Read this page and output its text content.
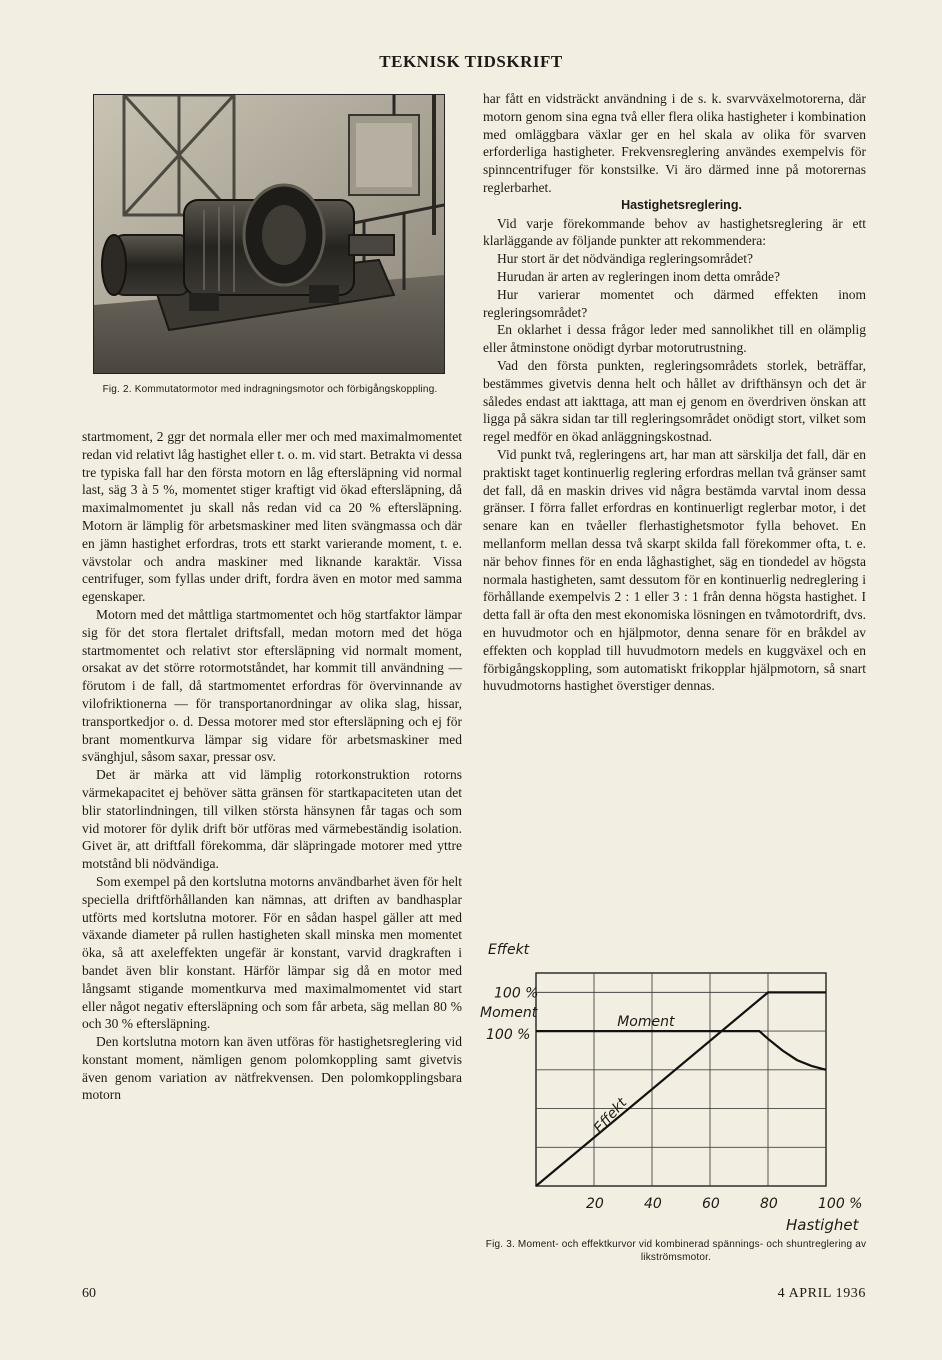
TEKNISK TIDSKRIFT
Fig. 2. Kommutatormotor med indragningsmotor och förbigångskoppling.

startmoment, 2 ggr det normala eller mer och med maximalmomentet redan vid relativt låg hastighet eller t. o. m. vid start. Betrakta vi dessa tre typiska fall har den första motorn en låg eftersläpning vid normal last, säg 3 à 5 %, momentet stiger kraftigt vid ökad eftersläpning, då maximalmomentet ju skall nås redan vid ca 20 % eftersläpning. Motorn är lämplig för arbetsmaskiner med liten svängmassa och där en jämn hastighet erfordras, trots ett starkt varierande moment, t. e. vävstolar och andra maskiner med liknande karaktär. Vissa centrifuger, som fyllas under drift, fordra även en motor med samma egenskaper.

Motorn med det måttliga startmomentet och hög startfaktor lämpar sig för det stora flertalet driftsfall, medan motorn med det höga startmomentet och relativt stor eftersläpning vid normalt moment, orsakat av det större rotormotståndet, har kommit till användning — förutom i de fall, då startmomentet erfordras för övervinnande av vilofriktionerna — för transportanordningar av olika slag, hissar, transportkedjor o. d. Dessa motorer med stor eftersläpning och ej för brant momentkurva lämpar sig vidare för arbetsmaskiner med svänghjul, såsom saxar, pressar osv.

Det är märka att vid lämplig rotorkonstruktion rotorns värmekapacitet ej behöver sätta gränsen för startkapaciteten utan det blir statorlindningen, till vilken största hänsynen får tagas och som vid motorer för dylik drift bör utföras med värmebeständig isolation. Givet är, att driftfall förekomma, där släpringade motorer med yttre motstånd bli nödvändiga.

Som exempel på den kortslutna motorns användbarhet även för helt speciella driftförhållanden kan nämnas, att driften av bandhasplar utförts med kortslutna motorer. För en sådan haspel gäller att med växande diameter på rullen hastigheten skall minska men momentet öka, så att axeleffekten ungefär är konstant, varvid dragkraften i bandet även blir konstant. Härför lämpar sig då en motor med långsamt stigande momentkurva med maximalmomentet vid start eller något negativ eftersläpning och som får arbeta, säg mellan 80 % och 30 % eftersläpning.

Den kortslutna motorn kan även utföras för hastighetsreglering vid konstant moment, nämligen genom polomkoppling samt givetvis även genom variation av nätfrekvensen. Den polomkopplingsbara motorn

har fått en vidsträckt användning i de s. k. svarvväxelmotorerna, där motorn genom sina egna två eller flera olika hastigheter i kombination med omläggbara växlar ger en hel skala av olika för svarven erforderliga hastigheter. Frekvensreglering användes exempelvis för spinncentrifuger för konstsilke. Vi äro därmed inne på motorernas reglerbarhet.

Hastighetsreglering.

Vid varje förekommande behov av hastighetsreglering är ett klarläggande av följande punkter att rekommendera:

Hur stort är det nödvändiga regleringsområdet?

Hurudan är arten av regleringen inom detta område?

Hur varierar momentet och därmed effekten inom regleringsområdet?

En oklarhet i dessa frågor leder med sannolikhet till en olämplig eller åtminstone onödigt dyrbar motorutrustning.

Vad den första punkten, regleringsområdets storlek, beträffar, bestämmes givetvis denna helt och hållet av drifthänsyn och det är således endast att iakttaga, att man ej genom en överdriven önskan att ligga på säkra sidan tar till regleringsområdet onödigt stort, vilket som regel medför en ökad anläggningskostnad.

Vid punkt två, regleringens art, har man att särskilja det fall, där en praktiskt taget kontinuerlig reglering erfordras mellan två gränser samt det fall, då en maskin drives vid några bestämda varvtal inom dessa gränser. I förra fallet erfordras en kontinuerligt reglerbar motor, i det senare kan en tvåeller flerhastighetsmotor fylla behovet. En mellanform mellan dessa två skarpt skilda fall förekommer ofta, t. e. när behov finnes för en enda låghastighet, säg en tiondedel av högsta normala hastigheten, samt dessutom för en kontinuerlig nedreglering i förhållande exempelvis 2 : 1 eller 3 : 1 från denna högsta hastighet. I detta fall är ofta den mest ekonomiska lösningen en tvåmotordrift, dvs. en huvudmotor och en hjälpmotor, denna senare för en bråkdel av effekten och kopplad till huvudmotorn medels en kuggväxel och en förbigångskoppling, som automatiskt frikopplar hjälpmotorn, så snart huvudmotorns hastighet överstiger dennas.

20	40	60	80	100 %
Hastighet
Effekt
100 %
Moment
100 %
Moment
Effekt
Fig. 3. Moment- och effektkurvor vid kombinerad spännings- och shuntreglering av likströmsmotor.
60	4 APRIL 1936
